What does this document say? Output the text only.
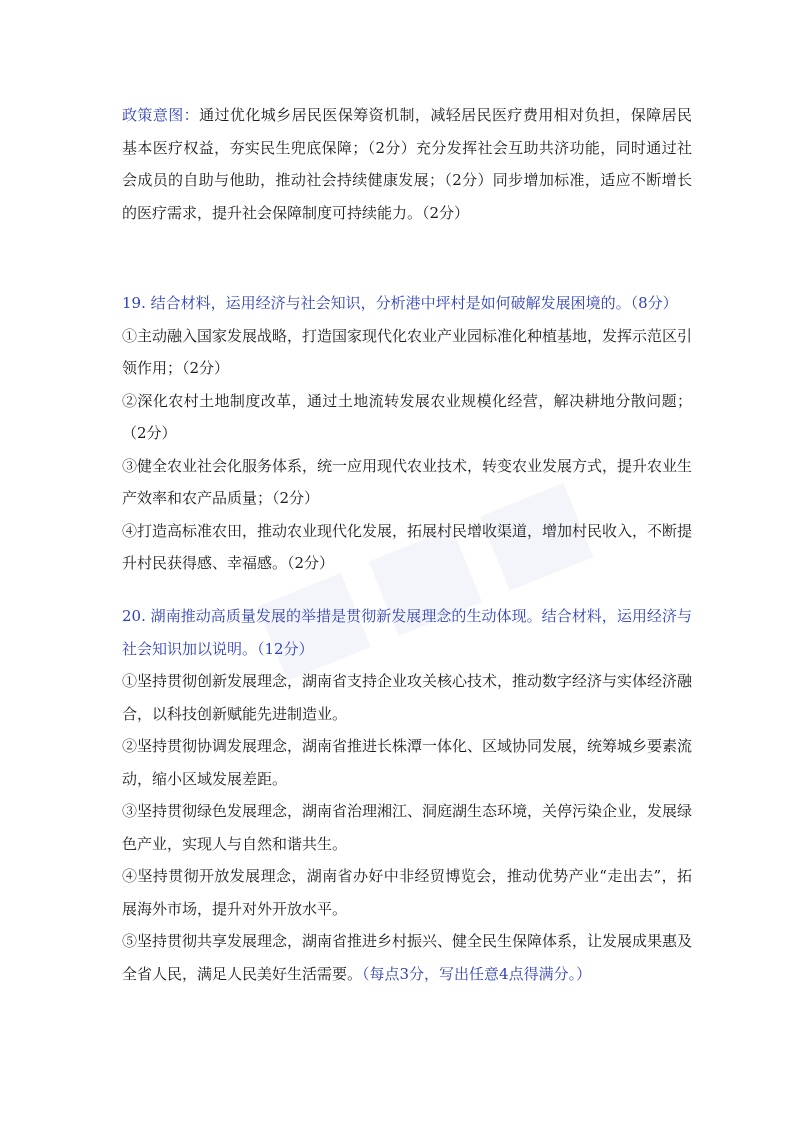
政策意图：通过优化城乡居民医保筹资机制，减轻居民医疗费用相对负担，保障居民基本医疗权益，夯实民生兜底保障；（2分）充分发挥社会互助共济功能，同时通过社会成员的自助与他助，推动社会持续健康发展；（2分）同步增加标准，适应不断增长的医疗需求，提升社会保障制度可持续能力。（2分）

19. 结合材料，运用经济与社会知识，分析港中坪村是如何破解发展困境的。（8分）

①主动融入国家发展战略，打造国家现代化农业产业园标准化种植基地，发挥示范区引领作用；（2分）

②深化农村土地制度改革，通过土地流转发展农业规模化经营，解决耕地分散问题；（2分）

③健全农业社会化服务体系，统一应用现代农业技术，转变农业发展方式，提升农业生产效率和农产品质量；（2分）

④打造高标准农田，推动农业现代化发展，拓展村民增收渠道，增加村民收入，不断提升村民获得感、幸福感。（2分）

20. 湖南推动高质量发展的举措是贯彻新发展理念的生动体现。结合材料，运用经济与社会知识加以说明。（12分）

①坚持贯彻创新发展理念，湖南省支持企业攻关核心技术，推动数字经济与实体经济融合，以科技创新赋能先进制造业。

②坚持贯彻协调发展理念，湖南省推进长株潭一体化、区域协同发展，统筹城乡要素流动，缩小区域发展差距。

③坚持贯彻绿色发展理念，湖南省治理湘江、洞庭湖生态环境，关停污染企业，发展绿色产业，实现人与自然和谐共生。

④坚持贯彻开放发展理念，湖南省办好中非经贸博览会，推动优势产业“走出去”，拓展海外市场，提升对外开放水平。

⑤坚持贯彻共享发展理念，湖南省推进乡村振兴、健全民生保障体系，让发展成果惠及全省人民，满足人民美好生活需要。（每点3分，写出任意4点得满分。）
